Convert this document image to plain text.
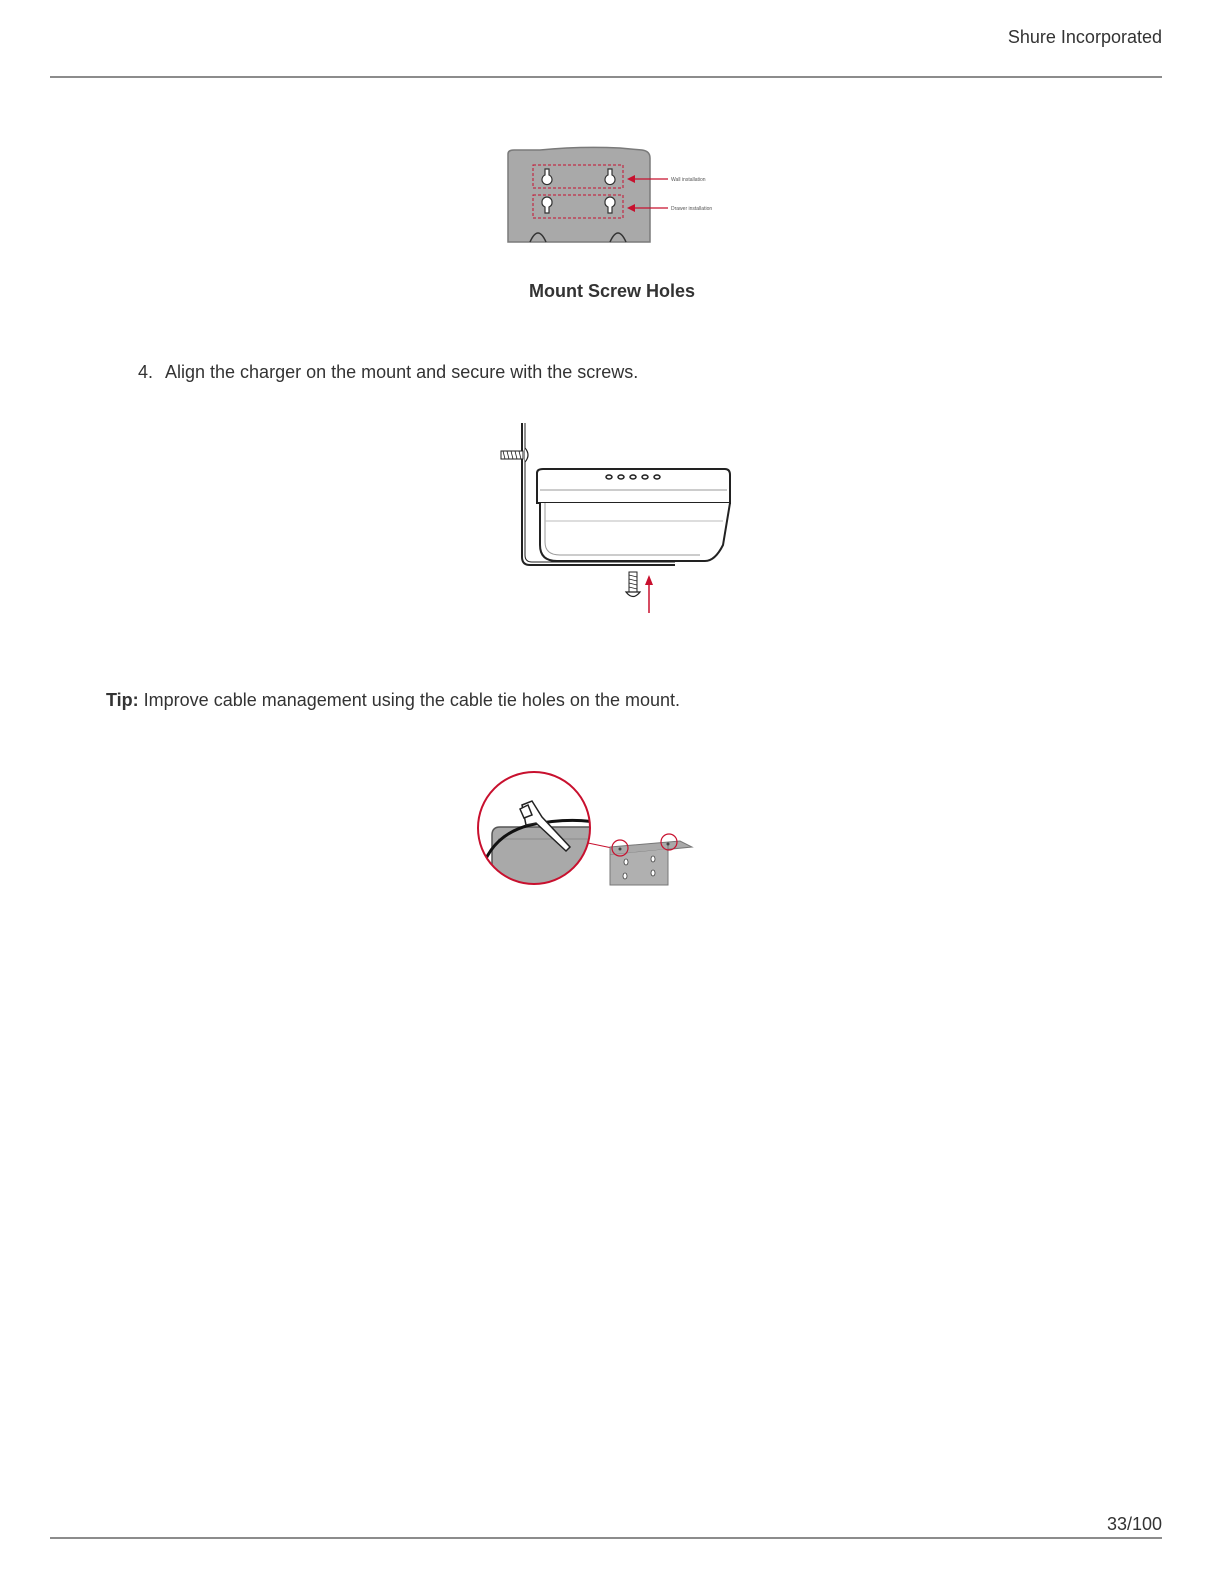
Shure Incorporated
Wall installation
Drawer installation
Mount Screw Holes
4. Align the charger on the mount and secure with the screws.
Tip: Improve cable management using the cable tie holes on the mount.
33/100
